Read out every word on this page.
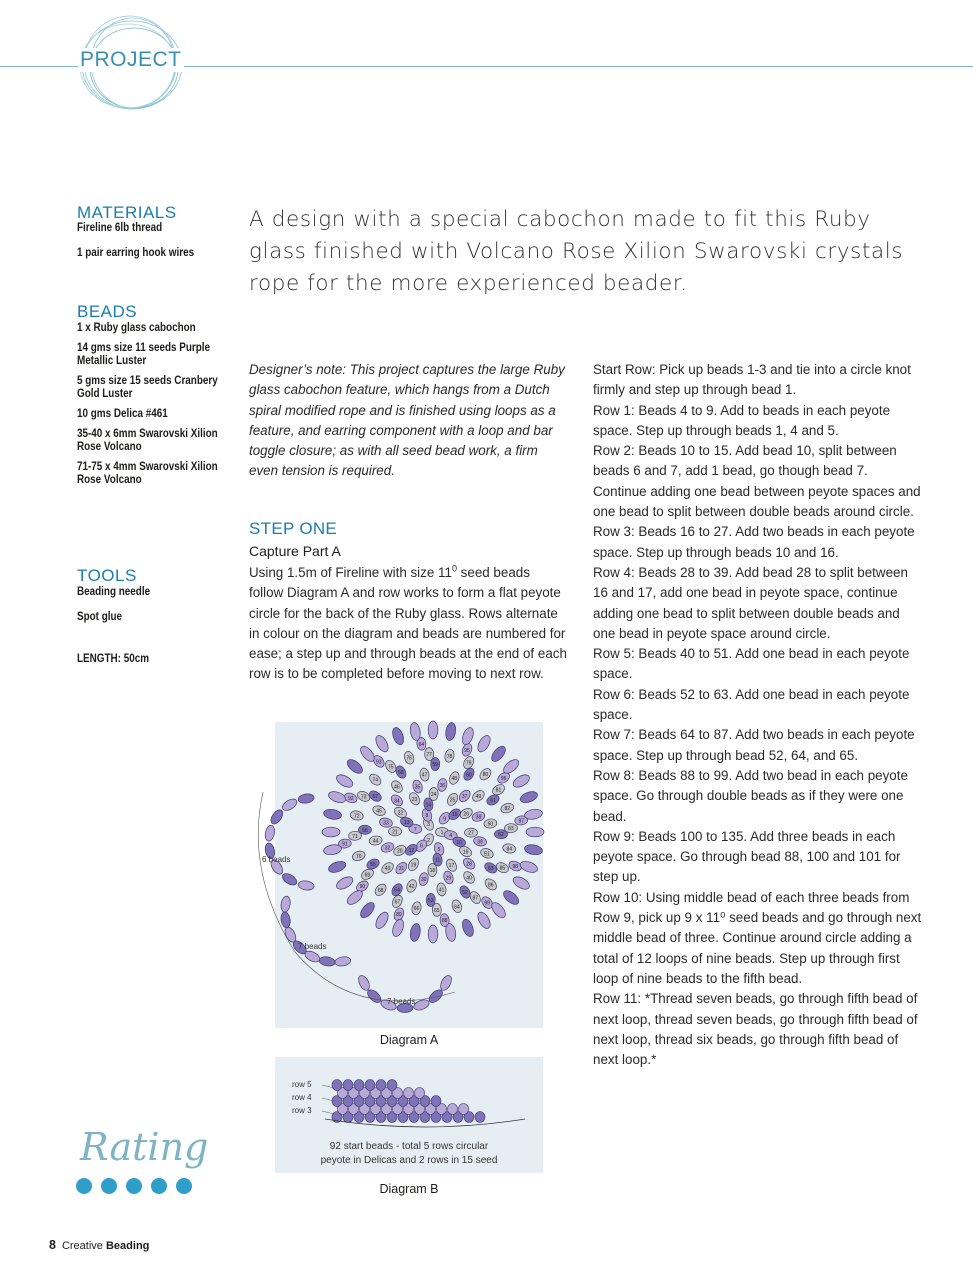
PROJECT
MATERIALS
Fireline 6lb thread
1 pair earring hook wires
BEADS
1 x Ruby glass cabochon
14 gms size 11 seeds Purple Metallic Luster
5 gms size 15 seeds Cranbery Gold Luster
10 gms Delica #461
35-40 x 6mm Swarovski Xilion Rose Volcano
71-75 x 4mm Swarovski Xilion Rose Volcano
TOOLS
Beading needle
Spot glue
LENGTH: 50cm
A design with a special cabochon made to fit this Ruby glass finished with Volcano Rose Xilion Swarovski crystals rope for the more experienced beader.
Designer’s note: This project captures the large Ruby glass cabochon feature, which hangs from a Dutch spiral modified rope and is finished using loops as a feature, and earring component with a loop and bar toggle closure; as with all seed bead work, a firm even tension is required.
STEP ONE
Capture Part A
Using 1.5m of Fireline with size $11^0$ seed beads follow Diagram A and row works to form a flat peyote circle for the back of the Ruby glass. Rows alternate in colour on the diagram and beads are numbered for ease; a step up and through beads at the end of each row is to be completed before moving to next row.
1
2
3
4
5
6
7
8
9
10
11
12
13
14
15
16
17
18
19
20
21
22
23
24
25
26
27
28
29
30
31
32
33
34
35	36
37
38
39
40
41
42
43
44
45
46
47
48
49
50
51
52
53
54
55
56
57
58
59
60
61
62
63
64
65
66
67
68
69
70
71
72
73
74
75
76
77	78
79
80
81
82
83
84
85
86
87
88
89
90
91
92
93
94
95
96
97
98
99
6 beads
7 beads
7 beads
Diagram A
row 5
row 4
row 3
92 start beads - total 5 rows circular
peyote in Delicas and 2 rows in 15 seed
Diagram B

Start Row: Pick up beads 1-3 and tie into a circle knot firmly and step up through bead 1.

Row 1: Beads 4 to 9. Add to beads in each peyote space. Step up through beads 1, 4 and 5.

Row 2: Beads 10 to 15. Add bead 10, split between beads 6 and 7, add 1 bead, go though bead 7. Continue adding one bead between peyote spaces and one bead to split between double beads around circle.

Row 3: Beads 16 to 27. Add two beads in each peyote space. Step up through beads 10 and 16.

Row 4: Beads 28 to 39. Add bead 28 to split between 16 and 17, add one bead in peyote space, continue adding one bead to split between double beads and one bead in peyote space around circle.

Row 5: Beads 40 to 51. Add one bead in each peyote space.

Row 6: Beads 52 to 63. Add one bead in each peyote space.

Row 7: Beads 64 to 87. Add two beads in each peyote space. Step up through bead 52, 64, and 65.

Row 8: Beads 88 to 99. Add two bead in each peyote space. Go through double beads as if they were one bead.

Row 9: Beads 100 to 135. Add three beads in each peyote space. Go through bead 88, 100 and 101 for step up.

Row 10: Using middle bead of each three beads from Row 9, pick up 9 x 11⁰ seed beads and go through next middle bead of three. Continue around circle adding a total of 12 loops of nine beads. Step up through first loop of nine beads to the fifth bead.

Row 11: *Thread seven beads, go through fifth bead of next loop, thread seven beads, go through fifth bead of next loop, thread six beads, go through fifth bead of next loop.*

Rating
8 Creative Beading
